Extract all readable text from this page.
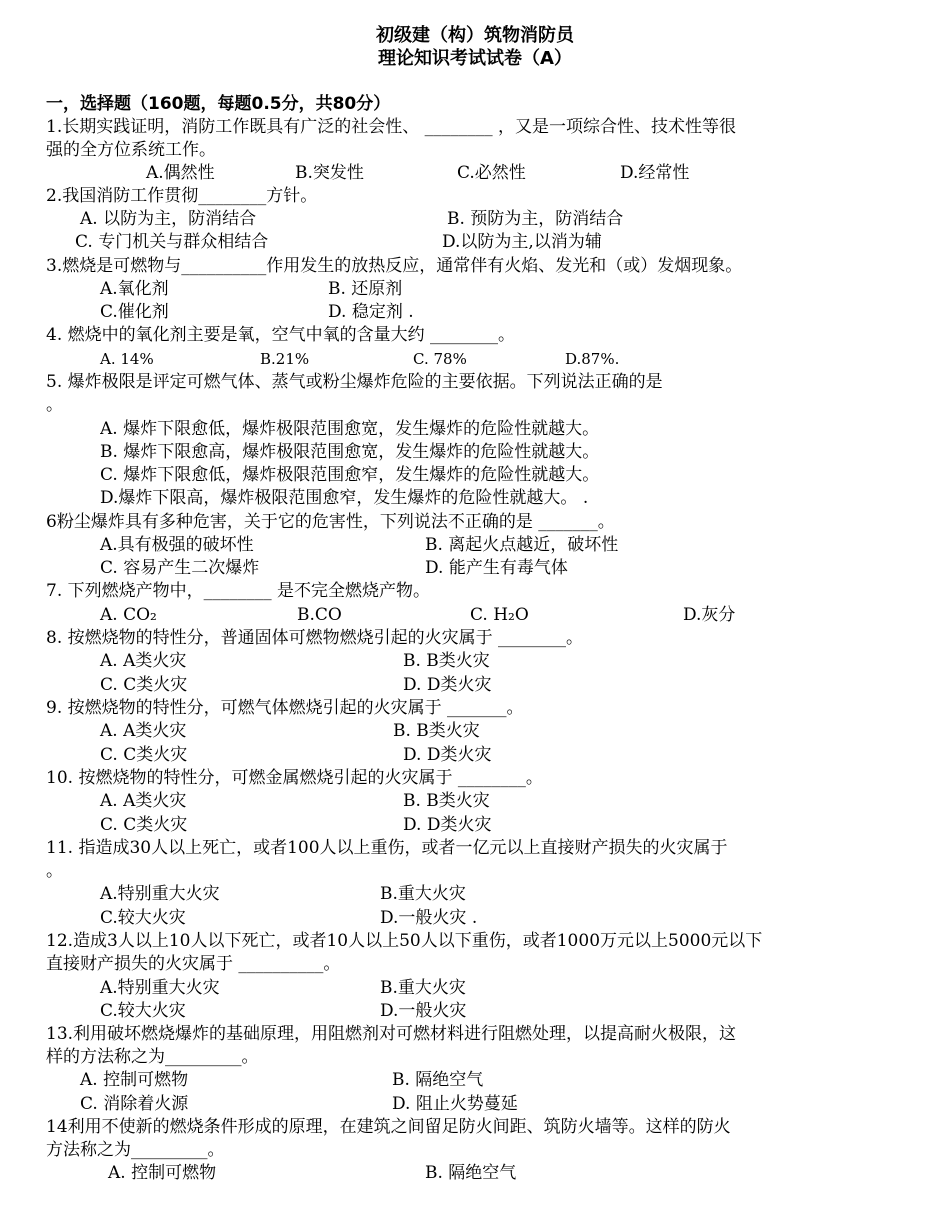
初级建（构）筑物消防员
理论知识考试试卷（A）
一，选择题（160题，每题0.5分，共80分）
1.长期实践证明，消防工作既具有广泛的社会性、 ________ ，又是一项综合性、技术性等很
强的全方位系统工作。
2.我国消防工作贯彻________方针。
3.燃烧是可燃物与__________作用发生的放热反应，通常伴有火焰、发光和（或）发烟现象。
4. 燃烧中的氧化剂主要是氧，空气中氧的含量大约 ________。
5. 爆炸极限是评定可燃气体、蒸气或粉尘爆炸危险的主要依据。下列说法正确的是
。
A. 爆炸下限愈低，爆炸极限范围愈宽，发生爆炸的危险性就越大。
B. 爆炸下限愈高，爆炸极限范围愈宽，发生爆炸的危险性就越大。
C. 爆炸下限愈低，爆炸极限范围愈窄，发生爆炸的危险性就越大。
D.爆炸下限高，爆炸极限范围愈窄，发生爆炸的危险性就越大。 .
6粉尘爆炸具有多种危害，关于它的危害性，下列说法不正确的是 _______。
7. 下列燃烧产物中，________ 是不完全燃烧产物。
8. 按燃烧物的特性分，普通固体可燃物燃烧引起的火灾属于 ________。
9. 按燃烧物的特性分，可燃气体燃烧引起的火灾属于 _______。
10. 按燃烧物的特性分，可燃金属燃烧引起的火灾属于 ________。
11. 指造成30人以上死亡，或者100人以上重伤，或者一亿元以上直接财产损失的火灾属于
。
12.造成3人以上10人以下死亡，或者10人以上50人以下重伤，或者1000万元以上5000元以下
直接财产损失的火灾属于 __________。
13.利用破坏燃烧爆炸的基础原理，用阻燃剂对可燃材料进行阻燃处理，以提高耐火极限，这
样的方法称之为_________。
14利用不使新的燃烧条件形成的原理，在建筑之间留足防火间距、筑防火墙等。这样的防火
方法称之为_________。
A.偶然性	B.突发性	C.必然性	D.经常性
A. 以防为主，防消结合	B. 预防为主，防消结合
C. 专门机关与群众相结合	D.以防为主,以消为辅
A.氧化剂	B. 还原剂
C.催化剂	D. 稳定剂 .
A. 14%	B.21%	C. 78%	D.87%.
A.具有极强的破坏性	B. 离起火点越近，破坏性
C. 容易产生二次爆炸	D. 能产生有毒气体
A. CO₂	B.CO	C. H₂O	D.灰分
A. A类火灾	B. B类火灾
C. C类火灾	D. D类火灾
A. A类火灾	B. B类火灾
C. C类火灾	D. D类火灾
A. A类火灾	B. B类火灾
C. C类火灾	D. D类火灾
A.特别重大火灾	B.重大火灾
C.较大火灾	D.一般火灾 .
A.特别重大火灾	B.重大火灾
C.较大火灾	D.一般火灾
A. 控制可燃物	B. 隔绝空气
C. 消除着火源	D. 阻止火势蔓延
A. 控制可燃物	B. 隔绝空气
